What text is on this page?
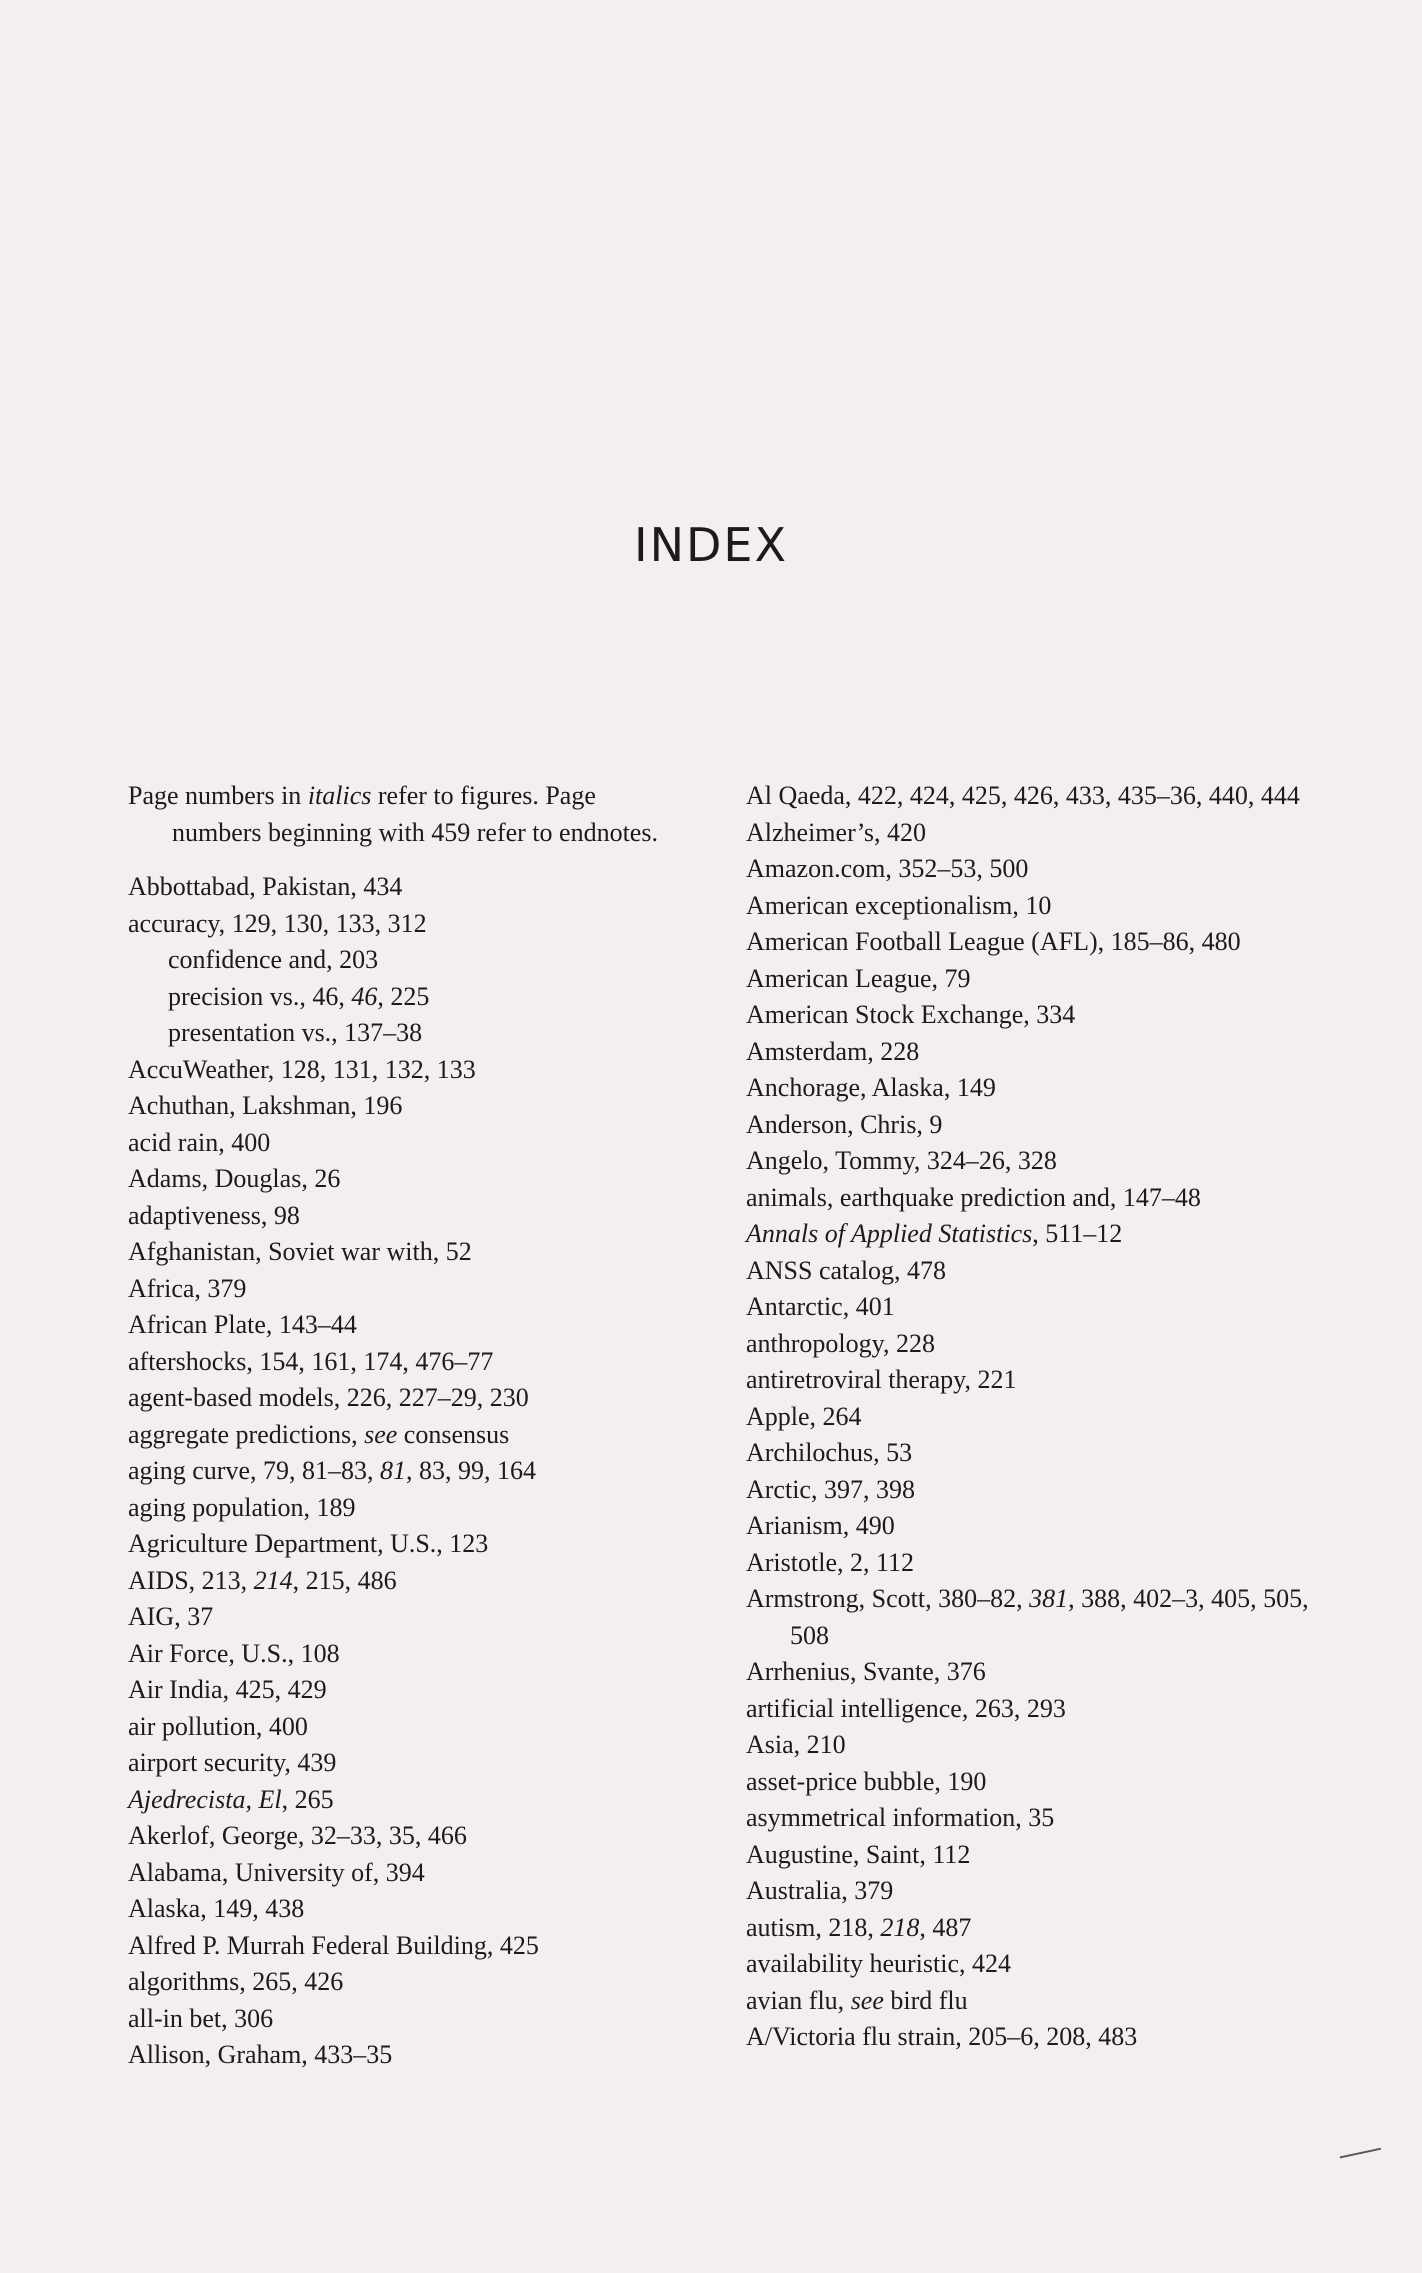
INDEX
Page numbers in italics refer to figures. Page numbers beginning with 459 refer to endnotes.
Abbottabad, Pakistan, 434
accuracy, 129, 130, 133, 312
confidence and, 203
precision vs., 46, 46, 225
presentation vs., 137–38
AccuWeather, 128, 131, 132, 133
Achuthan, Lakshman, 196
acid rain, 400
Adams, Douglas, 26
adaptiveness, 98
Afghanistan, Soviet war with, 52
Africa, 379
African Plate, 143–44
aftershocks, 154, 161, 174, 476–77
agent-based models, 226, 227–29, 230
aggregate predictions, see consensus
aging curve, 79, 81–83, 81, 83, 99, 164
aging population, 189
Agriculture Department, U.S., 123
AIDS, 213, 214, 215, 486
AIG, 37
Air Force, U.S., 108
Air India, 425, 429
air pollution, 400
airport security, 439
Ajedrecista, El, 265
Akerlof, George, 32–33, 35, 466
Alabama, University of, 394
Alaska, 149, 438
Alfred P. Murrah Federal Building, 425
algorithms, 265, 426
all-in bet, 306
Allison, Graham, 433–35
Al Qaeda, 422, 424, 425, 426, 433, 435–36, 440, 444
Alzheimer’s, 420
Amazon.com, 352–53, 500
American exceptionalism, 10
American Football League (AFL), 185–86, 480
American League, 79
American Stock Exchange, 334
Amsterdam, 228
Anchorage, Alaska, 149
Anderson, Chris, 9
Angelo, Tommy, 324–26, 328
animals, earthquake prediction and, 147–48
Annals of Applied Statistics, 511–12
ANSS catalog, 478
Antarctic, 401
anthropology, 228
antiretroviral therapy, 221
Apple, 264
Archilochus, 53
Arctic, 397, 398
Arianism, 490
Aristotle, 2, 112
Armstrong, Scott, 380–82, 381, 388, 402–3, 405, 505, 508
Arrhenius, Svante, 376
artificial intelligence, 263, 293
Asia, 210
asset-price bubble, 190
asymmetrical information, 35
Augustine, Saint, 112
Australia, 379
autism, 218, 218, 487
availability heuristic, 424
avian flu, see bird flu
A/Victoria flu strain, 205–6, 208, 483
